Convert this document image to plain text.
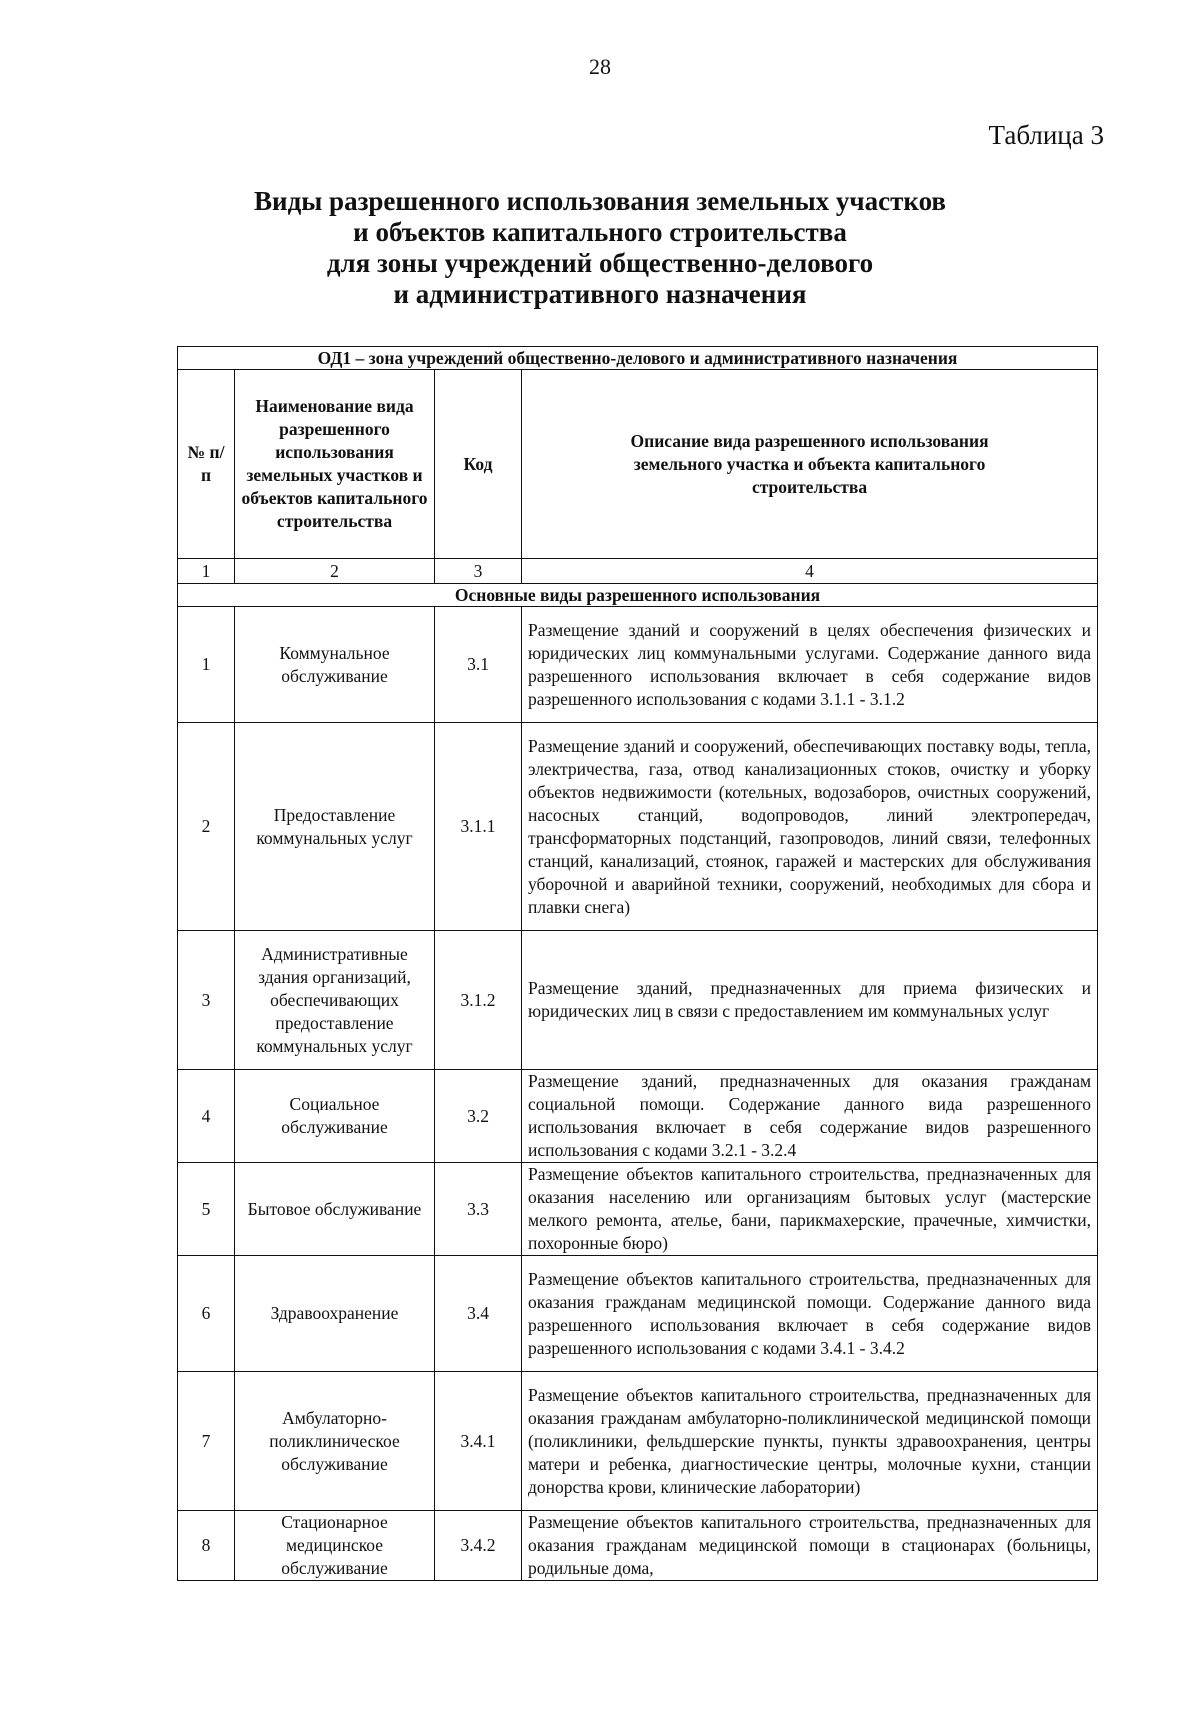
28
Таблица 3
Виды разрешенного использования земельных участков
и объектов капитального строительства
для зоны учреждений общественно-делового
и административного назначения
ОД1 – зона учреждений общественно-делового и административного назначения			
№ п/п	Наименование вида разрешенного использования земельных участков и объектов капитального строительства	Код	Описание вида разрешенного использования земельного участка и объекта капитального строительства
1	2	3	4
Основные виды разрешенного использования			
1	Коммунальное обслуживание	3.1	Размещение зданий и сооружений в целях обеспечения физических и юридических лиц коммунальными услугами. Содержание данного вида разрешенного использования включает в себя содержание видов разрешенного использования с кодами 3.1.1 - 3.1.2
2	Предоставление коммунальных услуг	3.1.1	Размещение зданий и сооружений, обеспечивающих поставку воды, тепла, электричества, газа, отвод канализационных стоков, очистку и уборку объектов недвижимости (котельных, водозаборов, очистных сооружений, насосных станций, водопроводов, линий электропередач, трансформаторных подстанций, газопроводов, линий связи, телефонных станций, канализаций, стоянок, гаражей и мастерских для обслуживания уборочной и аварийной техники, сооружений, необходимых для сбора и плавки снега)
3	Административные здания организаций, обеспечивающих предоставление коммунальных услуг	3.1.2	Размещение зданий, предназначенных для приема физических и юридических лиц в связи с предоставлением им коммунальных услуг
4	Социальное обслуживание	3.2	Размещение зданий, предназначенных для оказания гражданам социальной помощи. Содержание данного вида разрешенного использования включает в себя содержание видов разрешенного использования с кодами 3.2.1 - 3.2.4
5	Бытовое обслуживание	3.3	Размещение объектов капитального строительства, предназначенных для оказания населению или организациям бытовых услуг (мастерские мелкого ремонта, ателье, бани, парикмахерские, прачечные, химчистки, похоронные бюро)
6	Здравоохранение	3.4	Размещение объектов капитального строительства, предназначенных для оказания гражданам медицинской помощи. Содержание данного вида разрешенного использования включает в себя содержание видов разрешенного использования с кодами 3.4.1 - 3.4.2
7	Амбулаторно-поликлиническое обслуживание	3.4.1	Размещение объектов капитального строительства, предназначенных для оказания гражданам амбулаторно-поликлинической медицинской помощи (поликлиники, фельдшерские пункты, пункты здравоохранения, центры матери и ребенка, диагностические центры, молочные кухни, станции донорства крови, клинические лаборатории)
8	Стационарное медицинское обслуживание	3.4.2	Размещение объектов капитального строительства, предназначенных для оказания гражданам медицинской помощи в стационарах (больницы, родильные дома,
